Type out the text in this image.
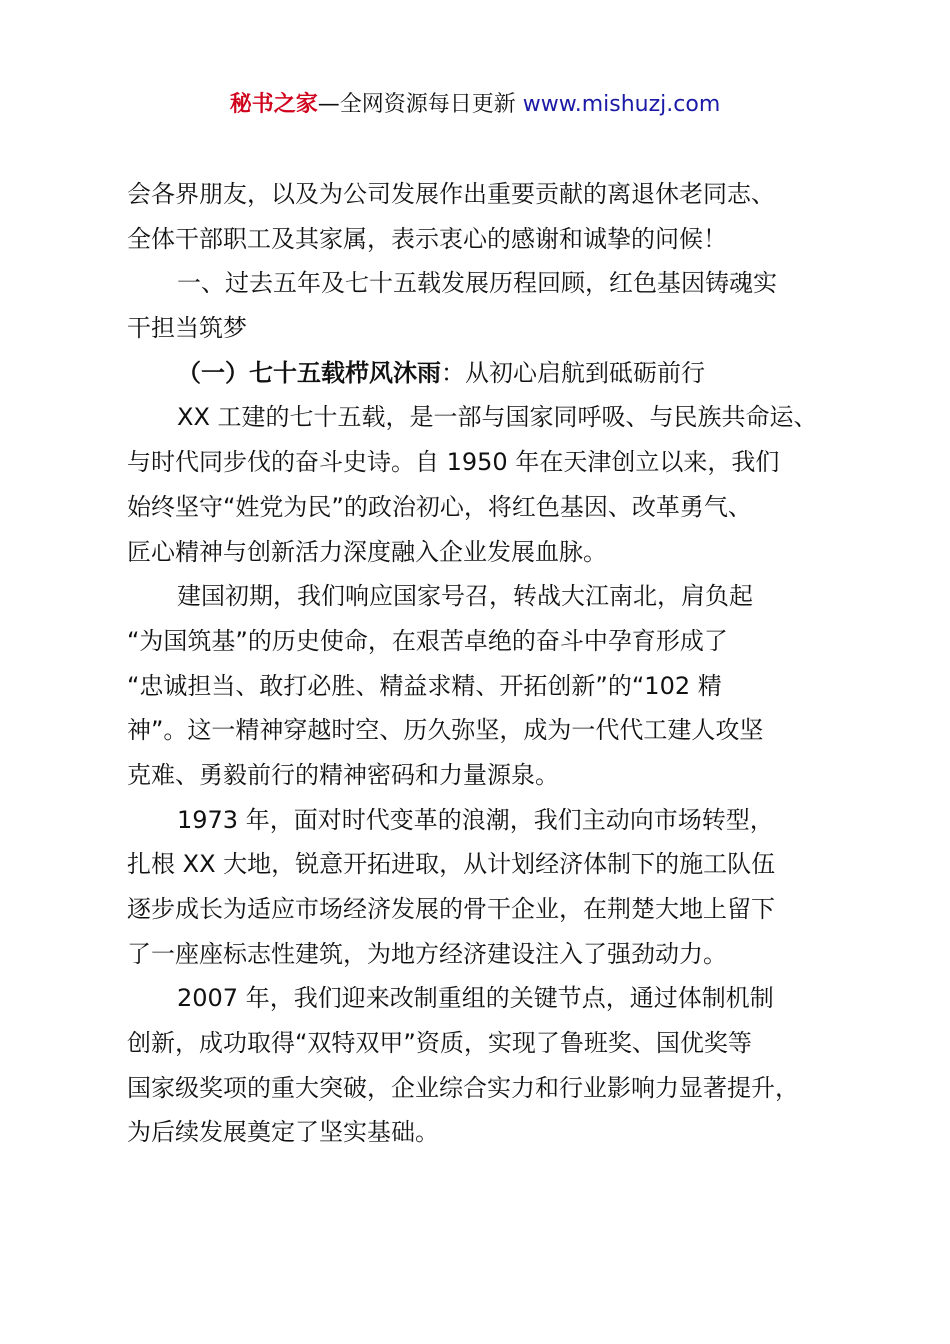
秘书之家—全网资源每日更新 www.mishuzj.com
会各界朋友，以及为公司发展作出重要贡献的离退休老同志、
全体干部职工及其家属，表示衷心的感谢和诚挚的问候！
一、过去五年及七十五载发展历程回顾，红色基因铸魂实
干担当筑梦
（一）七十五载栉风沐雨：从初心启航到砥砺前行
XX 工建的七十五载，是一部与国家同呼吸、与民族共命运、
与时代同步伐的奋斗史诗。自 1950 年在天津创立以来，我们
始终坚守“姓党为民”的政治初心，将红色基因、改革勇气、
匠心精神与创新活力深度融入企业发展血脉。
建国初期，我们响应国家号召，转战大江南北，肩负起
“为国筑基”的历史使命，在艰苦卓绝的奋斗中孕育形成了
“忠诚担当、敢打必胜、精益求精、开拓创新”的“102 精
神”。这一精神穿越时空、历久弥坚，成为一代代工建人攻坚
克难、勇毅前行的精神密码和力量源泉。
1973 年，面对时代变革的浪潮，我们主动向市场转型，
扎根 XX 大地，锐意开拓进取，从计划经济体制下的施工队伍
逐步成长为适应市场经济发展的骨干企业，在荆楚大地上留下
了一座座标志性建筑，为地方经济建设注入了强劲动力。
2007 年，我们迎来改制重组的关键节点，通过体制机制
创新，成功取得“双特双甲”资质，实现了鲁班奖、国优奖等
国家级奖项的重大突破，企业综合实力和行业影响力显著提升，
为后续发展奠定了坚实基础。
